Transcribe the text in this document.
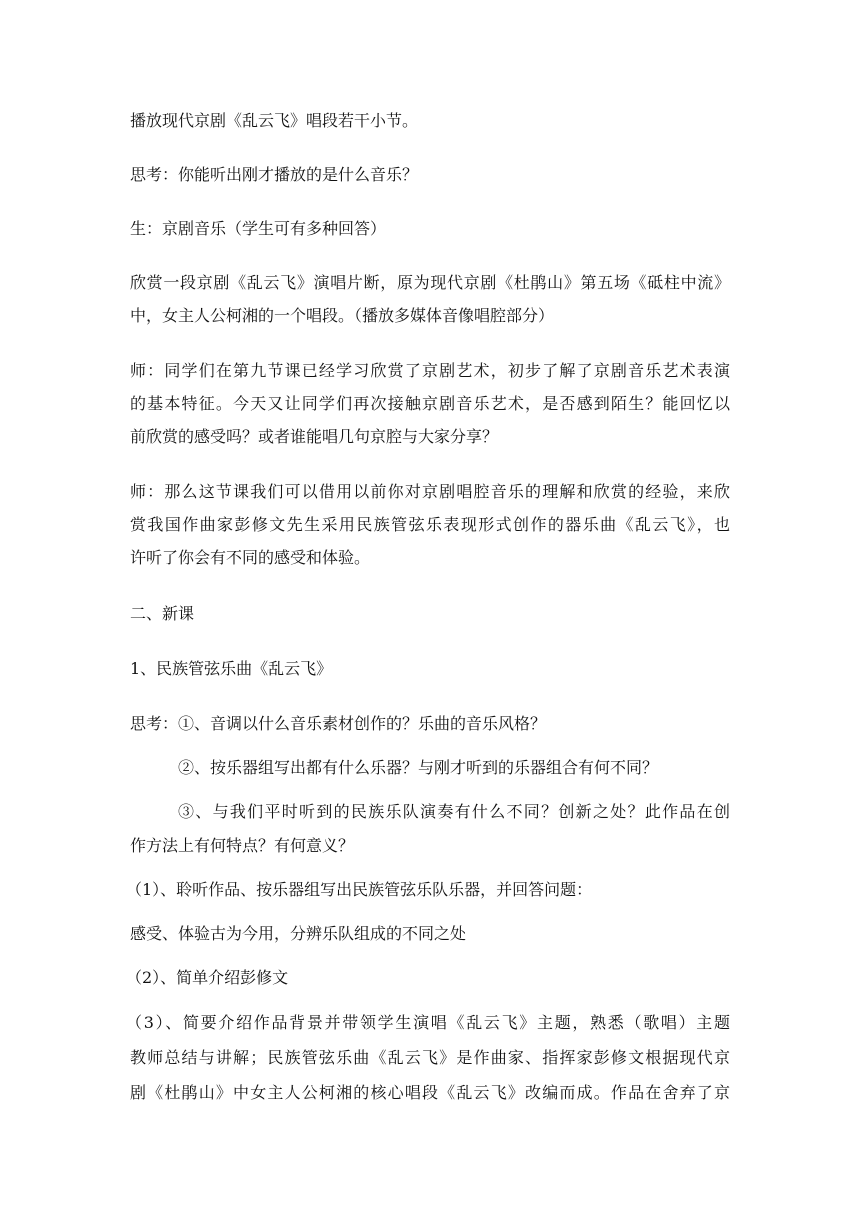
播放现代京剧《乱云飞》唱段若干小节。
思考：你能听出刚才播放的是什么音乐？
生：京剧音乐（学生可有多种回答）
欣赏一段京剧《乱云飞》演唱片断，原为现代京剧《杜鹃山》第五场《砥柱中流》
中，女主人公柯湘的一个唱段。（播放多媒体音像唱腔部分）
师：同学们在第九节课已经学习欣赏了京剧艺术，初步了解了京剧音乐艺术表演
的基本特征。今天又让同学们再次接触京剧音乐艺术，是否感到陌生？能回忆以
前欣赏的感受吗？或者谁能唱几句京腔与大家分享？
师：那么这节课我们可以借用以前你对京剧唱腔音乐的理解和欣赏的经验，来欣
赏我国作曲家彭修文先生采用民族管弦乐表现形式创作的器乐曲《乱云飞》，也
许听了你会有不同的感受和体验。
二、新课
1、民族管弦乐曲《乱云飞》
思考：①、音调以什么音乐素材创作的？乐曲的音乐风格？
②、按乐器组写出都有什么乐器？与刚才听到的乐器组合有何不同？
③、与我们平时听到的民族乐队演奏有什么不同？创新之处？此作品在创
作方法上有何特点？有何意义？
（1）、聆听作品、按乐器组写出民族管弦乐队乐器，并回答问题：
感受、体验古为今用，分辨乐队组成的不同之处
（2）、简单介绍彭修文
（3）、简要介绍作品背景并带领学生演唱《乱云飞》主题，熟悉（歌唱）主题
教师总结与讲解；民族管弦乐曲《乱云飞》是作曲家、指挥家彭修文根据现代京
剧《杜鹃山》中女主人公柯湘的核心唱段《乱云飞》改编而成。作品在舍弃了京
